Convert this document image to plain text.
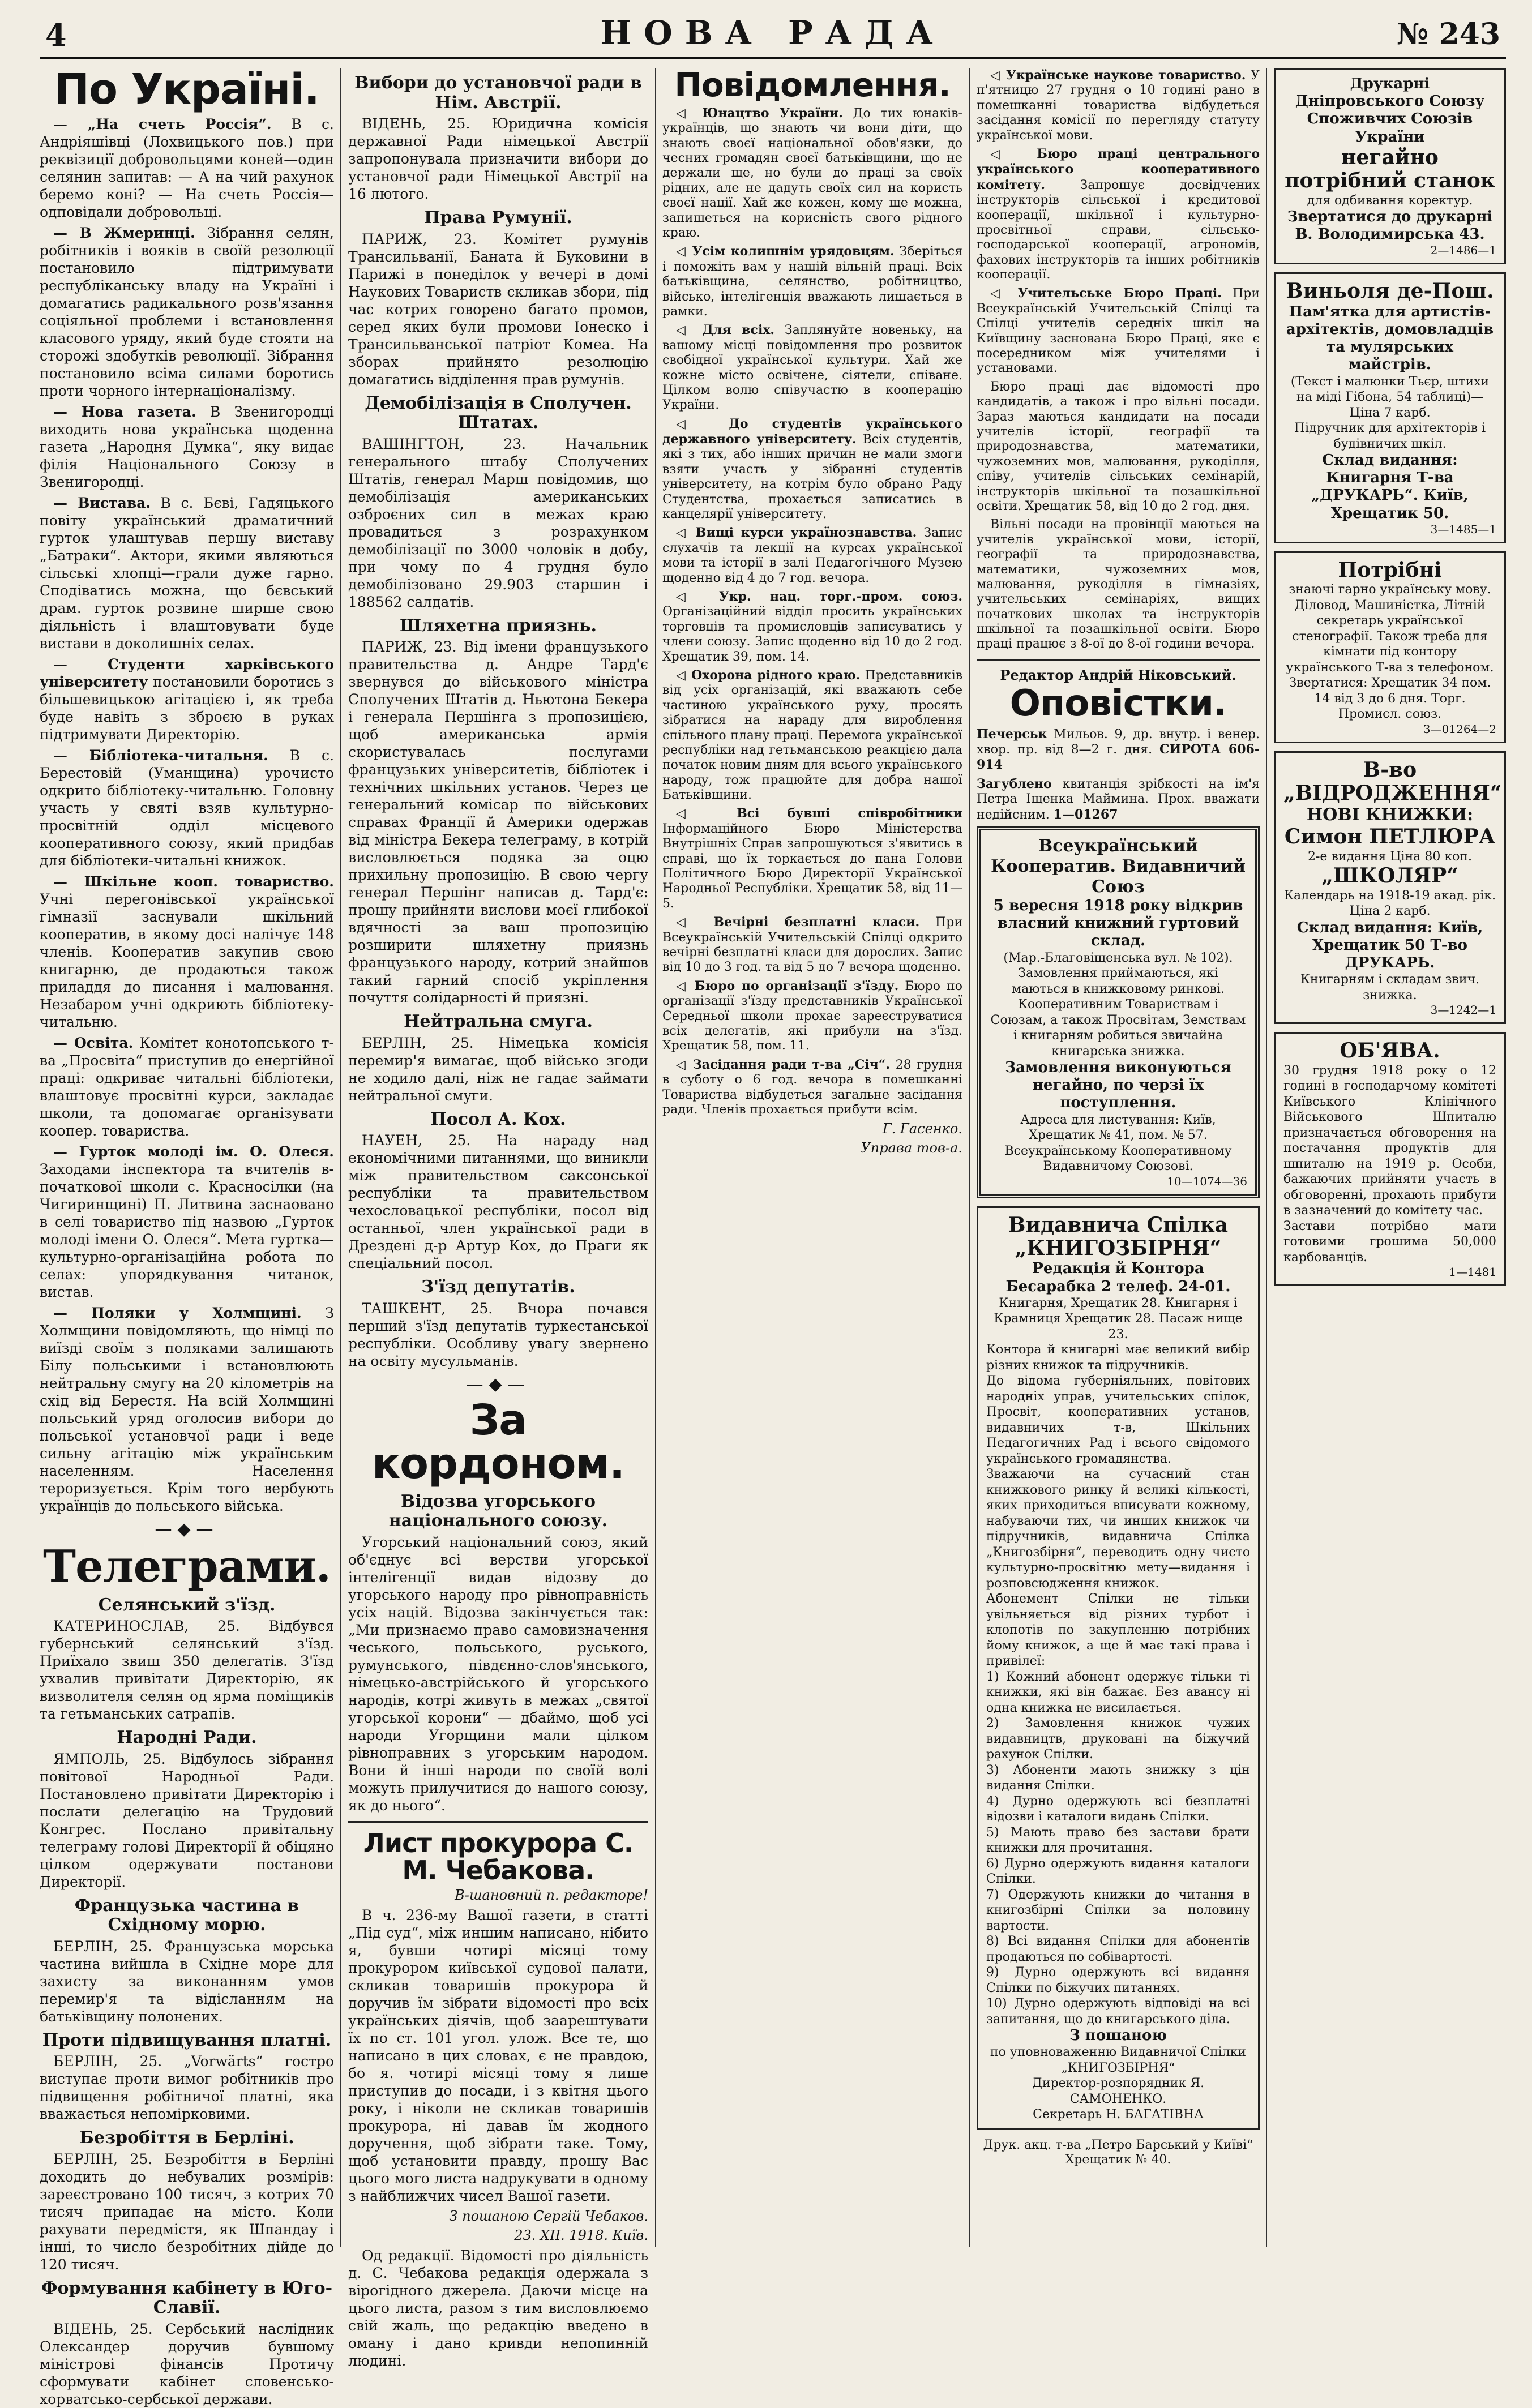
4	НОВА РАДА	№ 243
По Україні.

— „На счеть Россія“. В с. Андріяшівці (Лохвицького пов.) при реквізиції добровольцями коней—один селянин запитав: — А на чий рахунок беремо коні? — На счеть Россія—одповідали добровольці.

— В Жмеринці. Зібрання селян, робітників і вояків в своїй резолюції постановило підтримувати республіканську владу на Україні і домагатись радикального розв'язання соціяльної проблеми і встановлення класового уряду, який буде стояти на сторожі здобутків революції. Зібрання постановило всіма силами боротись проти чорного інтернаціоналізму.

— Нова газета. В Звенигородці виходить нова українська щоденна газета „Народня Думка“, яку видає філія Національного Союзу в Звенигородці.

— Вистава. В с. Бєві, Гадяцького повіту український драматичний гурток улаштував першу виставу „Батраки“. Актори, якими являються сільські хлопці—грали дуже гарно. Сподіватись можна, що бєвський драм. гурток розвине ширше свою діяльність і влаштовувати буде вистави в доколишніх селах.

— Студенти харківського університету постановили боротись з більшевицькою агітацією і, як треба буде навіть з зброєю в руках підтримувати Директорію.

— Бібліотека-читальня. В с. Берестовій (Уманщина) урочисто одкрито бібліотеку-читальню. Головну участь у святі взяв культурно-просвітній одділ місцевого кооперативного союзу, який придбав для бібліотеки-читальні книжок.

— Шкільне кооп. товариство. Учні перегонівської української гімназії заснували шкільний кооператив, в якому досі налічує 148 членів. Кооператив закупив свою книгарню, де продаються також приладдя до писання і малювання. Незабаром учні одкриють бібліотеку-читальню.

— Освіта. Комітет конотопського т-ва „Просвіта“ приступив до енергійної праці: одкриває читальні бібліотеки, влаштовує просвітні курси, закладає школи, та допомагає організувати коопер. товариства.

— Гурток молоді ім. О. Олеся. Заходами інспектора та вчителів в-початкової школи с. Красносілки (на Чигиринщині) П. Литвина заснаовано в селі товариство під назвою „Гурток молоді імени О. Олеся“. Мета гуртка—культурно-організаційна робота по селах: упорядкування читанок, вистав.

— Поляки у Холмщині. З Холмщини повідомляють, що німці по виїзді своїм з поляками залишають Білу польськими і встановлюють нейтральну смугу на 20 кілометрів на схід від Берестя. На всій Холмщині польський уряд оголосив вибори до польської установчої ради і веде сильну агітацію між українським населенням. Населення тероризується. Крім того вербують українців до польського війська.

—◆—
Телеграми.
Селянський з'їзд.

КАТЕРИНОСЛАВ, 25. Відбувся губернський селянський з'їзд. Приїхало звиш 350 делегатів. З'їзд ухвалив привітати Директорію, як визволителя селян од ярма поміщиків та гетьманських сатрапів.

Народні Ради.

ЯМПОЛЬ, 25. Відбулось зібрання повітової Народньої Ради. Постановлено привітати Директорію і послати делегацію на Трудовий Конгрес. Послано привітальну телеграму голові Директорії й обіцяно цілком одержувати постанови Директорії.

Французька частина в Східному морю.

БЕРЛІН, 25. Французська морська частина вийшла в Східне море для захисту за виконанням умов перемир'я та відісланням на батьківщину полонених.

Проти підвищування платні.

БЕРЛІН, 25. „Vorwärts“ гостро виступає проти вимог робітників про підвищення робітничої платні, яка вважається непомірковими.

Безробіття в Берліні.

БЕРЛІН, 25. Безробіття в Берліні доходить до небувалих розмірів: зареєстровано 100 тисяч, з котрих 70 тисяч припадає на місто. Коли рахувати передмістя, як Шпандау і інші, то число безробітних дійде до 120 тисяч.

Формування кабінету в Юго-Славії.

ВІДЕНЬ, 25. Сербський наслідник Олександер доручив бувшому міністрові фінансів Протичу сформувати кабінет словенсько-хорватсько-сербської держави.

Вибори до установчої ради в Нім. Австрії.

ВІДЕНЬ, 25. Юридична комісія державної Ради німецької Австрії запропонувала призначити вибори до установчої ради Німецької Австрії на 16 лютого.

Права Румунії.

ПАРИЖ, 23. Комітет румунів Трансильванії, Баната й Буковини в Парижі в понеділок у вечері в домі Наукових Товариств скликав збори, під час котрих говорено багато промов, серед яких були промови Іонеско і Трансильванської патріот Комеа. На зборах прийнято резолюцію домагатись відділення прав румунів.

Демобілізація в Сполучен. Штатах.

ВАШІНГТОН, 23. Начальник генерального штабу Сполучених Штатів, генерал Марш повідомив, що демобілізація американських озброєних сил в межах краю провадиться з розрахунком демобілізації по 3000 чоловік в добу, при чому по 4 грудня було демобілізовано 29.903 старшин і 188562 салдатів.

Шляхетна приязнь.

ПАРИЖ, 23. Від імени французького правительства д. Андре Тард'є звернувся до військового міністра Сполучених Штатів д. Ньютона Бекера і генерала Першінга з пропозицією, щоб американська армія скористувалась послугами французьких університетів, бібліотек і технічних шкільних установ. Через це генеральний комісар по військових справах Франції й Америки одержав від міністра Бекера телеграму, в котрій висловлюється подяка за оцю прихильну пропозицію. В свою чергу генерал Першінг написав д. Тард'є: прошу прийняти вислови моєї глибокої вдячності за ваш пропозицію розширити шляхетну приязнь французького народу, котрий знайшов такий гарний спосіб укріплення почуття солідарності й приязні.

Нейтральна смуга.

БЕРЛІН, 25. Німецька комісія перемир'я вимагає, щоб військо згоди не ходило далі, ніж не гадає займати нейтральної смуги.

Посол А. Кох.

НАУЕН, 25. На нараду над економічними питаннями, що виникли між правительством саксонської республіки та правительством чехословацької республіки, посол від останньої, член української ради в Дрездені д-р Артур Кох, до Праги як спеціальний посол.

З'їзд депутатів.

ТАШКЕНТ, 25. Вчора почався перший з'їзд депутатів туркестанської республіки. Особливу увагу звернено на освіту мусульманів.

—◆—
За кордоном.
Відозва угорського національного союзу.

Угорський національний союз, який об'єднує всі верстви угорської інтелігенції видав відозву до угорського народу про рівноправність усіх націй. Відозва закінчується так: „Ми признаємо право самовизначення чеського, польського, руського, румунського, півдєнно-слов'янського, німецько-австрійського й угорського народів, котрі живуть в межах „святої угорської корони“ — дбаймо, щоб усі народи Угорщини мали цілком рівноправних з угорським народом. Вони й інші народи по своїй волі можуть прилучитися до нашого союзу, як до нього“.

Лист прокурора С. М. Чебакова.
В-шановний п. редакторе!

В ч. 236-му Вашої газети, в статті „Під суд“, між иншим написано, нібито я, бувши чотирі місяці тому прокурором київської судової палати, скликав товаришів прокурора й доручив їм зібрати відомості про всіх українських діячів, щоб заарештувати їх по ст. 101 угол. улож. Все те, що написано в цих словах, є не правдою, бо я. чотирі місяці тому я лише приступив до посади, і з квітня цього року, і ніколи не скликав товаришів прокурора, ні давав їм жодного доручення, щоб зібрати таке. Тому, щоб установити правду, прошу Вас цього мого листа надрукувати в одному з найближчих чисел Вашої газети.

З пошаною Сергій Чебаков.
23. XII. 1918. Київ.

Од редакції. Відомості про діяльність д. С. Чебакова редакція одержала з вірогідного джерела. Даючи місце на цього листа, разом з тим висловлюємо свій жаль, що редакцію введено в оману і дано кривди непопинній людині.

Повідомлення.

◁ Юнацтво України. До тих юнаків-українців, що знають чи вони діти, що знають своєї національної обов'язки, до чесних громадян своєї батьківщини, що не держали ще, но були до праці за своїх рідних, але не дадуть своїх сил на користь своєї нації. Хай же кожен, кому ще можна, запишеться на корисність свого рідного краю.

◁ Усім колишнім урядовцям. Зберіться і поможіть вам у нашій вільній праці. Всіх батьківщина, селянство, робітництво, військо, інтелігенція вважають лишається в рамки.

◁ Для всіх. Заплянуйте новеньку, на вашому місці повідомлення про розвиток свобідної української культури. Хай же кожне місто освічене, сіятели, співане. Цілком волю співучастю в кооперацію України.

◁ До студентів українського державного університету. Всіх студентів, які з тих, або інших причин не мали змоги взяти участь у зібранні студентів університету, на котрім було обрано Раду Студентства, прохається записатись в канцелярії університету.

◁ Вищі курси українознавства. Запис слухачів та лекції на курсах української мови та історії в залі Педагогічного Музею щоденно від 4 до 7 год. вечора.

◁ Укр. нац. торг.-пром. союз. Організаційний відділ просить українських торговців та промисловців записуватись у члени союзу. Запис щоденно від 10 до 2 год. Хрещатик 39, пом. 14.

◁ Охорона рідного краю. Представників від усіх організацій, які вважають себе частиною українського руху, просять зібратися на нараду для вироблення спільного плану праці. Перемога української республіки над гетьманською реакцією дала початок новим дням для всього українського народу, тож працюйте для добра нашої Батьківщини.

◁ Всі бувші співробітники Інформаційного Бюро Міністерства Внутрішніх Справ запрошуються з'явитись в справі, що їх торкається до пана Голови Політичного Бюро Директорії Української Народньої Республіки. Хрещатик 58, від 11—5.

◁ Вечірні безплатні класи. При Всеукраїнській Учительській Спілці одкрито вечірні безплатні класи для дорослих. Запис від 10 до 3 год. та від 5 до 7 вечора щоденно.

◁ Бюро по організації з'їзду. Бюро по організації з'їзду представників Української Середньої школи прохає зареєструватися всіх делегатів, які прибули на з'їзд. Хрещатик 58, пом. 11.

◁ Засідання ради т-ва „Січ“. 28 грудня в суботу о 6 год. вечора в помешканні Товариства відбудеться загальне засідання ради. Членів прохається прибути всім.

Г. Гасенко.
Управа тов-а.

◁ Українське наукове товариство. У п'ятницю 27 грудня о 10 годині рано в помешканні товариства відбудеться засідання комісії по перегляду статуту української мови.

◁ Бюро праці центрального українського кооперативного комітету.	Запрошує досвідчених інструкторів сільської і кредитової кооперації, шкільної і культурно-просвітньої справи, сільсько-господарської кооперації, агрономів, фахових інструкторів та інших робітників кооперації.

◁ Учительське Бюро Праці. При Всеукраїнській Учительській Спілці та Спілці учителів середніх шкіл на Київщину заснована Бюро Праці, яке є посередником між учителями і установами.

Бюро праці дає відомості про кандидатів, а також і про вільні посади. Зараз маються кандидати на посади учителів історії, географії та природознавства, математики, чужоземних мов, малювання, рукоділля, співу, учителів сільських семінарій, інструкторів шкільної та позашкільної освіти. Хрещатик 58, від 10 до 2 год. дня.

Вільні посади на провінції маються на учителів української мови, історії, географії та природознавства, математики, чужоземних мов, малювання, рукоділля в гімназіях, учительських семінаріях, вищих початкових школах та інструкторів шкільної та позашкільної освіти. Бюро праці працює з 8-ої до 8-ої години вечора.

Редактор Андрій Ніковський.
Оповістки.

Печерськ Мильов. 9, др. внутр. і венер. хвор. пр. від 8—2 г. дня. СИРОТА 606-914

Загублено квитанція зрібкості на ім'я Петра Іщенка Маймина. Прох. вважати недійсним. 1—01267

Всеукраїнський Кооператив. Видавничий Союз
5 вересня 1918 року відкрив власний книжний гуртовий склад.
(Мар.-Благовіщенська вул. № 102).
Замовлення приймаються, які маються в книжковому ринкові. Кооперативним Товариствам і Союзам, а також Просвітам, Земствам і книгарням робиться звичайна книгарська знижка.
Замовлення виконуються негайно, по черзі їх поступлення.
Адреса для листування: Київ, Хрещатик № 41, пом. № 57. Всеукраїнському Кооперативному Видавничому Союзові.
10—1074—36
Видавнича Спілка „КНИГОЗБІРНЯ“
Редакція й Контора Бесарабка 2 телеф. 24-01.
Книгарня, Хрещатик 28. Книгарня і Крамниця Хрещатик 28. Пасаж нище 23.
Контора й книгарні має великий вибір різних книжок та підручників.
До відома губерніяльних, повітових народніх управ, учительських спілок, Просвіт, кооперативних установ, видавничих т-в, Шкільних Педагогичних Рад і всього свідомого українського громадянства.
Зважаючи на сучасний стан книжкового ринку й великі кількості, яких приходиться вписувати кожному, набуваючи тих, чи инших книжок чи підручників, видавнича Спілка „Книгозбірня“, переводить одну чисто культурно-просвітню мету—видання і розповсюдження книжок.
Абонемент Спілки не тільки увільняється від різних турбот і клопотів по закупленню потрібних йому книжок, а ще й має такі права і привілеї:
1) Кожний абонент одержує тільки ті книжки, які він бажає. Без авансу ні одна книжка не висилається.
2) Замовлення книжок чужих видавництв, друковані на біжучий рахунок Спілки.
3) Абоненти мають знижку з цін видання Спілки.
4) Дурно одержують всі безплатні відозви і каталоги видань Спілки.
5) Мають право без застави брати книжки для прочитання.
6) Дурно одержують видання каталоги Спілки.
7) Одержують книжки до читання в книгозбірні Спілки за половину вартости.
8) Всі видання Спілки для абонентів продаються по собівартості.
9) Дурно одержують всі видання Спілки по біжучих питаннях.
10) Дурно одержують відповіді на всі запитання, що до книгарського діла.
З пошаною
по уповноваженню Видавничої Спілки „КНИГОЗБІРНЯ“
Директор-розпорядник Я. САМОНЕНКО.
Секретарь Н. БАГАТІВНА
Друк. акц. т-ва „Петро Барський у Київі“ Хрещатик № 40.
Друкарні Дніпровського Союзу Споживчих Союзів України
негайно потрібний станок
для одбивання коректур.
Звертатися до друкарні В. Володимирська 43.
2—1486—1
Виньоля де-Пош.
Пам'ятка для артистів-архітектів, домовладців та мулярських майстрів.
(Текст і малюнки Тьєр, штихи на міді Гібона, 54 таблиці)—Ціна 7 карб.
Підручник для архітекторів і будівничих шкіл.
Склад видання: Книгарня Т-ва „ДРУКАРЬ“. Київ, Хрещатик 50.
3—1485—1
Потрібні
знаючі гарно українську мову. Діловод, Машиністка, Літній секретарь української стенографії. Також треба для кімнати під контору українського Т-ва з телефоном. Звертатися: Хрещатик 34 пом. 14 від 3 до 6 дня. Торг. Промисл. союз.
3—01264—2
В-во „ВІДРОДЖЕННЯ“
НОВІ КНИЖКИ:
Симон ПЕТЛЮРА
2-е видання Ціна 80 коп.
„ШКОЛЯР“
Календарь на 1918-19 акад. рік. Ціна 2 карб.
Склад видання: Київ, Хрещатик 50 Т-во ДРУКАРЬ.
Книгарням і складам звич. знижка.
3—1242—1
ОБ'ЯВА.
30 грудня 1918 року о 12 годині в господарчому комітеті Київського Клінічного Військового Шпиталю призначається обговорення на постачання продуктів для шпиталю на 1919 р. Особи, бажаючих прийняти участь в обговоренні, прохають прибути в зазначений до комітету час.
Застави потрібно мати готовими грошима 50,000 карбованців.
1—1481
